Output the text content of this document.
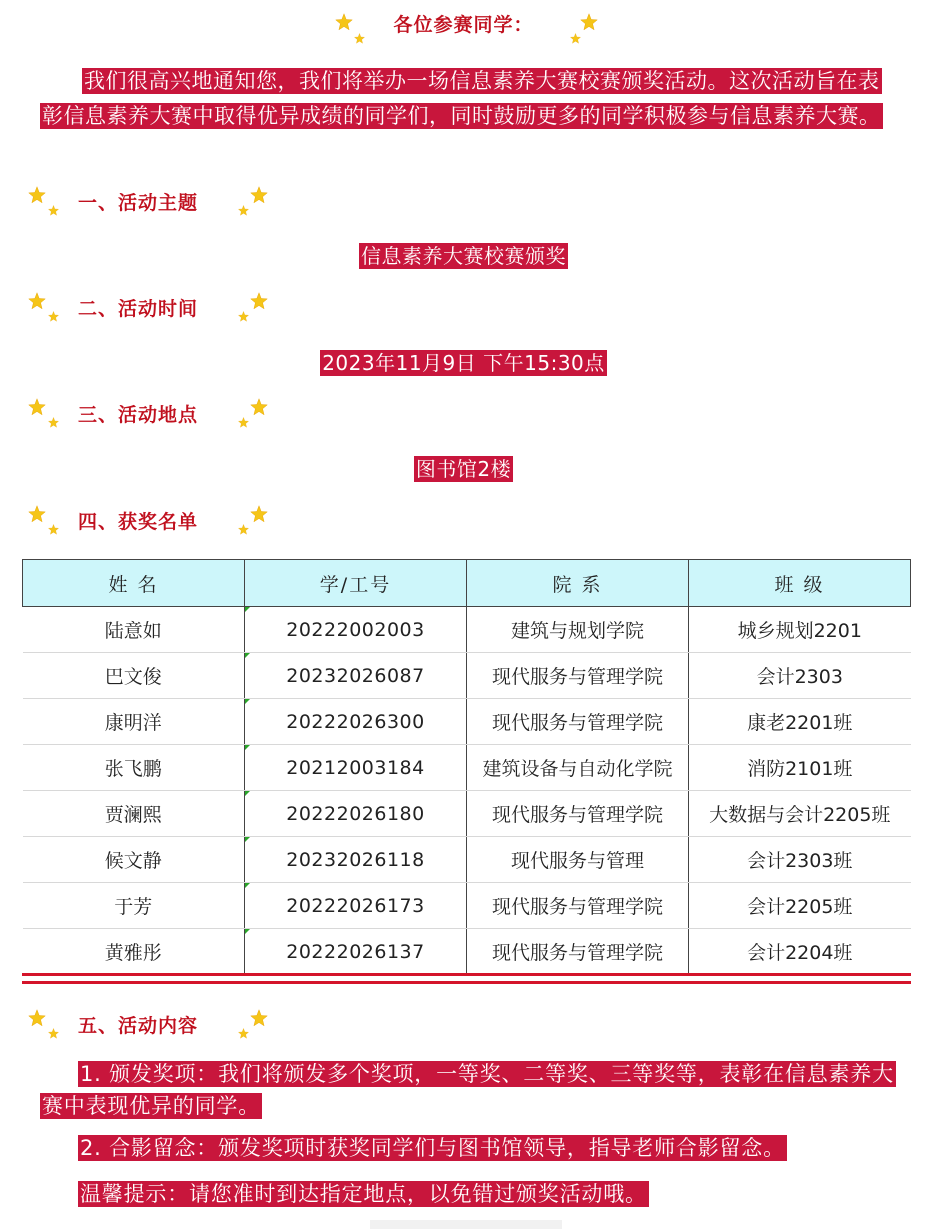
各位参赛同学：
我们很高兴地通知您，我们将举办一场信息素养大赛校赛颁奖活动。这次活动旨在表彰信息素养大赛中取得优异成绩的同学们，同时鼓励更多的同学积极参与信息素养大赛。
一、活动主题
信息素养大赛校赛颁奖
二、活动时间
2023年11月9日 下午15:30点
三、活动地点
图书馆2楼
四、获奖名单
姓 名	学/工号	院 系	班 级
陆意如	20222002003	建筑与规划学院	城乡规划2201
巴文俊	20232026087	现代服务与管理学院	会计2303
康明洋	20222026300	现代服务与管理学院	康老2201班
张飞鹏	20212003184	建筑设备与自动化学院	消防2101班
贾澜熙	20222026180	现代服务与管理学院	大数据与会计2205班
候文静	20232026118	现代服务与管理	会计2303班
于芳	20222026173	现代服务与管理学院	会计2205班
黄雅彤	20222026137	现代服务与管理学院	会计2204班
五、活动内容
1. 颁发奖项：我们将颁发多个奖项，一等奖、二等奖、三等奖等，表彰在信息素养大赛中表现优异的同学。
2. 合影留念：颁发奖项时获奖同学们与图书馆领导，指导老师合影留念。
温馨提示：请您准时到达指定地点，以免错过颁奖活动哦。
